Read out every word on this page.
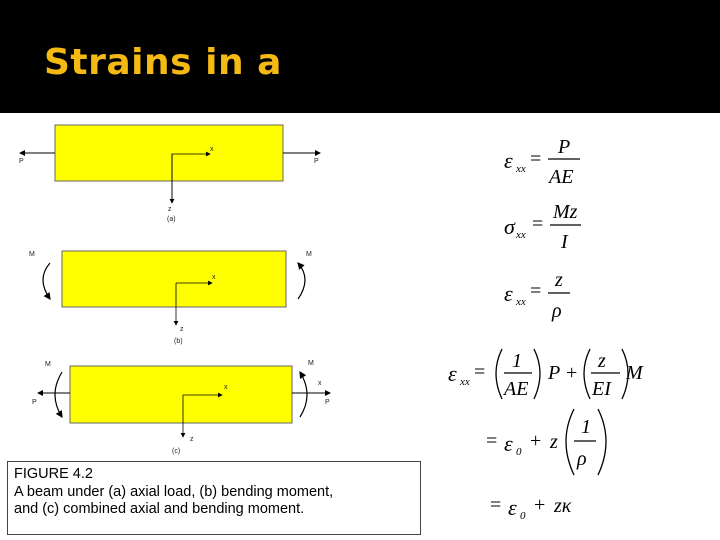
Strains in a
P	P
x
z
(a)
M	M
x
z
(b)
M	M
P	P
x
x
z
(c)
FIGURE 4.2
A beam under (a) axial load, (b) bending moment,
and (c) combined axial and bending moment.
ε xx =
P
AE
σ xx =
Mz
I
ε xx = z
ρ
ε xx = 1
AE
P +
z
EI
M
= ε 0 + z
1
ρ
= ε 0 + zκ
